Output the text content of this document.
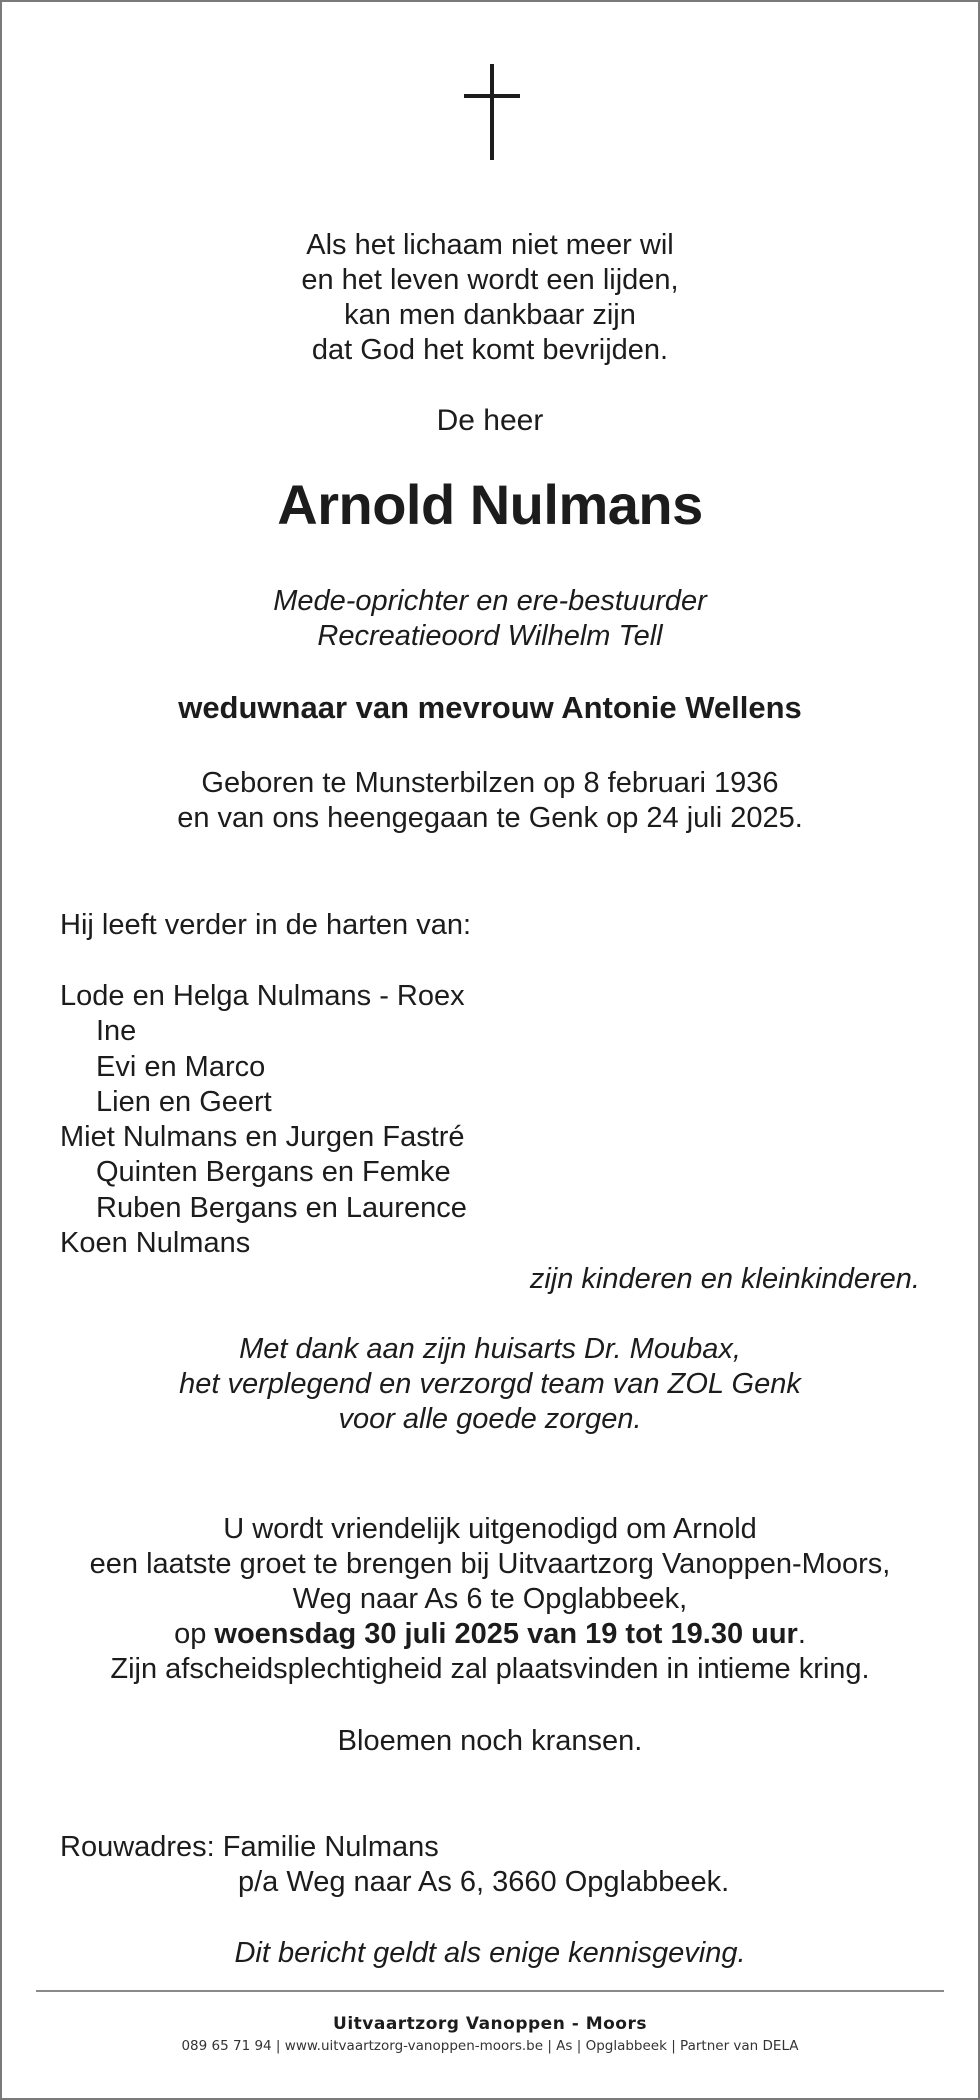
Als het lichaam niet meer wil
en het leven wordt een lijden,
kan men dankbaar zijn
dat God het komt bevrijden.
De heer
Arnold Nulmans
Mede-oprichter en ere-bestuurder
Recreatieoord Wilhelm Tell
weduwnaar van mevrouw Antonie Wellens
Geboren te Munsterbilzen op 8 februari 1936
en van ons heengegaan te Genk op 24 juli 2025.
Hij leeft verder in de harten van:
Lode en Helga Nulmans - Roex
Ine
Evi en Marco
Lien en Geert
Miet Nulmans en Jurgen Fastré
Quinten Bergans en Femke
Ruben Bergans en Laurence
Koen Nulmans
zijn kinderen en kleinkinderen.
Met dank aan zijn huisarts Dr. Moubax,
het verplegend en verzorgd team van ZOL Genk
voor alle goede zorgen.
U wordt vriendelijk uitgenodigd om Arnold
een laatste groet te brengen bij Uitvaartzorg Vanoppen-Moors,
Weg naar As 6 te Opglabbeek,
op woensdag 30 juli 2025 van 19 tot 19.30 uur.
Zijn afscheidsplechtigheid zal plaatsvinden in intieme kring.
Bloemen noch kransen.
Rouwadres: Familie Nulmans
p/a Weg naar As 6, 3660 Opglabbeek.
Dit bericht geldt als enige kennisgeving.
Uitvaartzorg Vanoppen - Moors
089 65 71 94 | www.uitvaartzorg-vanoppen-moors.be | As | Opglabbeek | Partner van DELA
